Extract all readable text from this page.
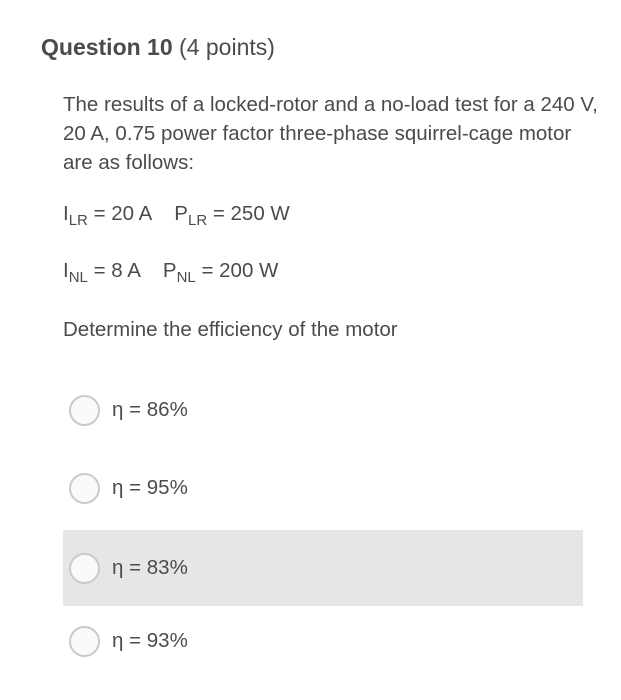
Question 10 (4 points)
The results of a locked-rotor and a no-load test for a 240 V, 20 A, 0.75 power factor three-phase squirrel-cage motor are as follows:
$I_{LR} = 20$ A $P_{LR} = 250$ W
$I_{NL} = 8$ A $P_{NL} = 200$ W
Determine the efficiency of the motor
η = 86%
η = 95%
η = 83%
η = 93%
